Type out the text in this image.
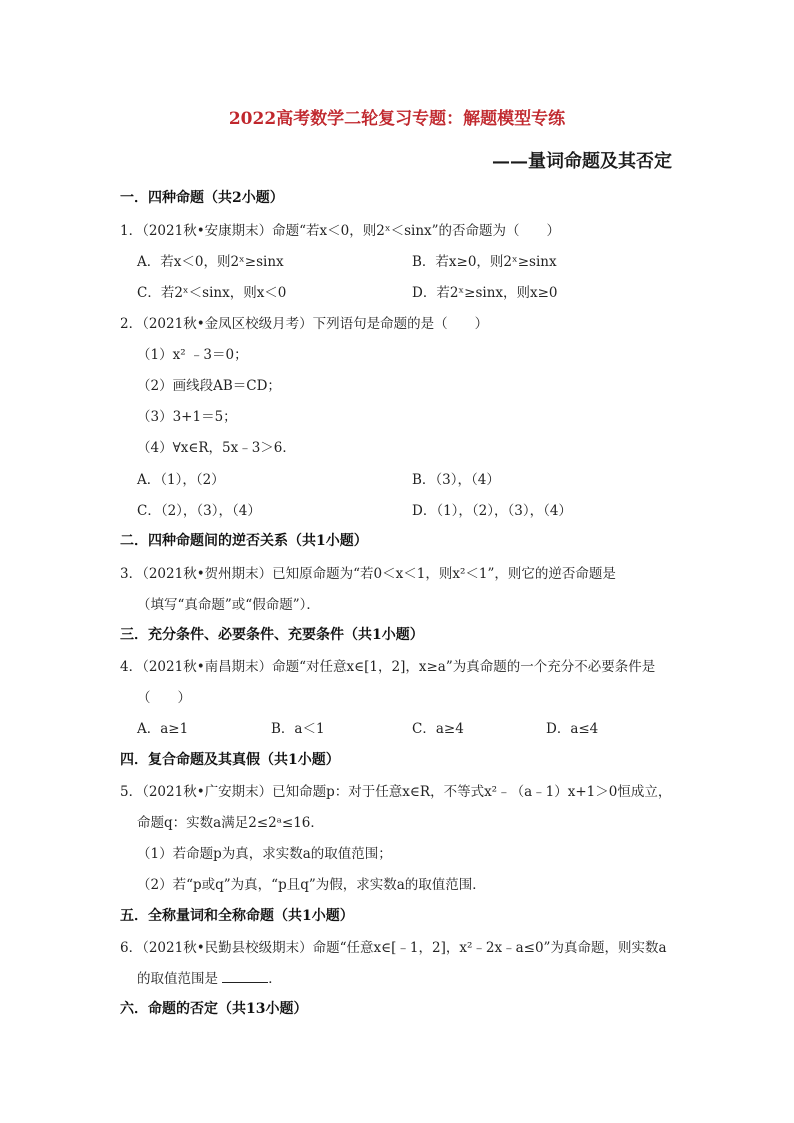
2022高考数学二轮复习专题：解题模型专练
——量词命题及其否定
一．四种命题（共2小题）
1．（2021秋•安康期末）命题“若x＜0，则2ˣ＜sinx”的否命题为（　　）
A．若x＜0，则2ˣ≥sinx	B．若x≥0，则2ˣ≥sinx
C．若2ˣ＜sinx，则x＜0	D．若2ˣ≥sinx，则x≥0
2．（2021秋•金凤区校级月考）下列语句是命题的是（　　）
（1）x² ﹣3＝0；
（2）画线段AB＝CD；
（3）3+1＝5；
（4）∀x∈R，5x﹣3＞6．
A．（1），（2）	B．（3），（4）
C．（2），（3），（4）	D．（1），（2），（3），（4）
二．四种命题间的逆否关系（共1小题）
3．（2021秋•贺州期末）已知原命题为“若0＜x＜1，则x²＜1”，则它的逆否命题是
（填写“真命题”或“假命题”）．
三．充分条件、必要条件、充要条件（共1小题）
4．（2021秋•南昌期末）命题“对任意x∈[1，2]，x≥a”为真命题的一个充分不必要条件是
（　　）
A．a≥1	B．a＜1	C．a≥4	D．a≤4
四．复合命题及其真假（共1小题）
5．（2021秋•广安期末）已知命题p：对于任意x∈R，不等式x²﹣（a﹣1）x+1＞0恒成立，
命题q：实数a满足2≤2ᵃ≤16．
（1）若命题p为真，求实数a的取值范围；
（2）若“p或q”为真，“p且q”为假，求实数a的取值范围．
五．全称量词和全称命题（共1小题）
6．（2021秋•民勤县校级期末）命题“任意x∈[﹣1，2]，x²﹣2x﹣a≤0”为真命题，则实数a
的取值范围是	．
六．命题的否定（共13小题）
